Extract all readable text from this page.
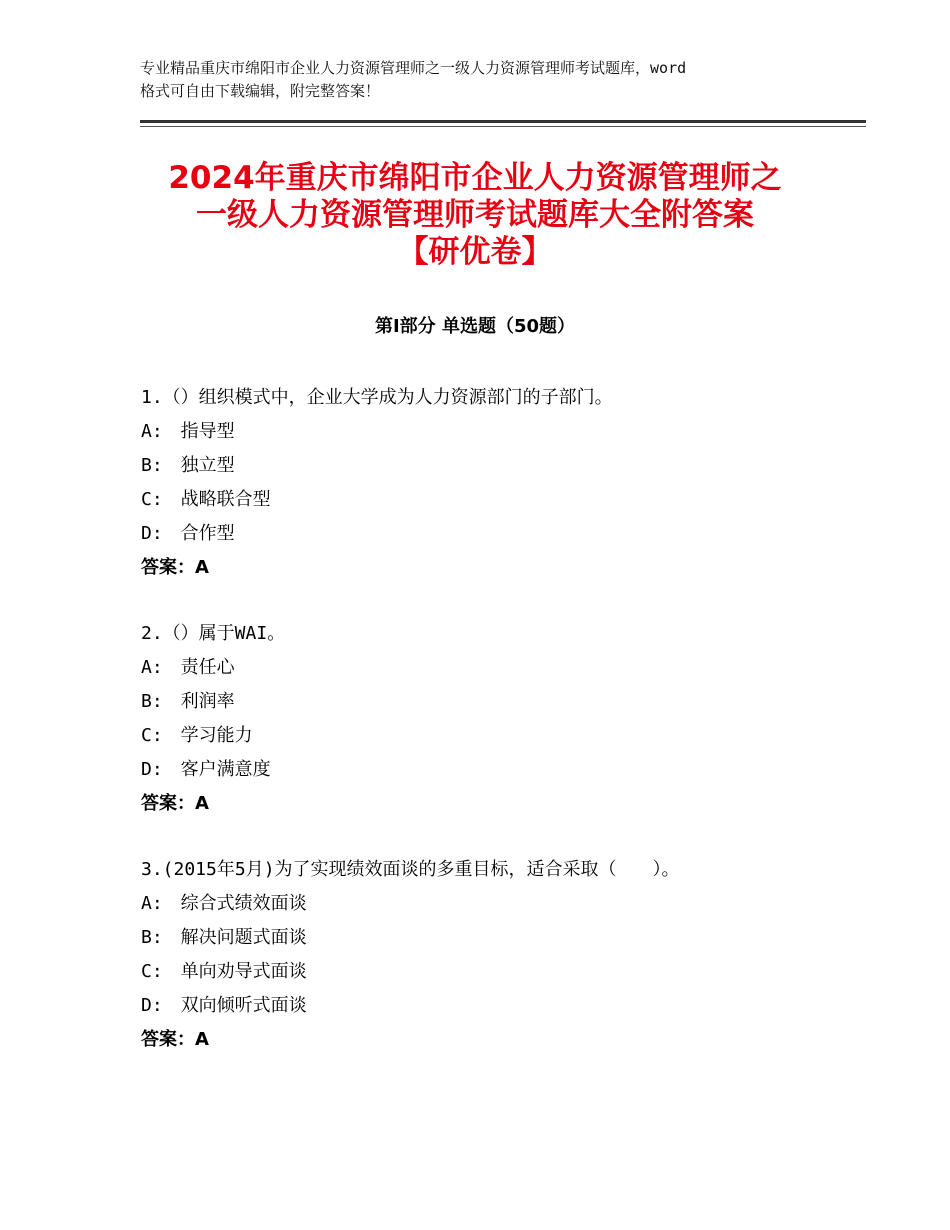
专业精品重庆市绵阳市企业人力资源管理师之一级人力资源管理师考试题库，word
格式可自由下载编辑，附完整答案！
2024年重庆市绵阳市企业人力资源管理师之
一级人力资源管理师考试题库大全附答案
【研优卷】
第Ⅰ部分 单选题（50题）
1.（）组织模式中，企业大学成为人力资源部门的子部门。
A:　指导型
B:　独立型
C:　战略联合型
D:　合作型
答案：A
2.（）属于WAI。
A:　责任心
B:　利润率
C:　学习能力
D:　客户满意度
答案：A
3.(2015年5月)为了实现绩效面谈的多重目标，适合采取（　　）。
A:　综合式绩效面谈
B:　解决问题式面谈
C:　单向劝导式面谈
D:　双向倾听式面谈
答案：A
